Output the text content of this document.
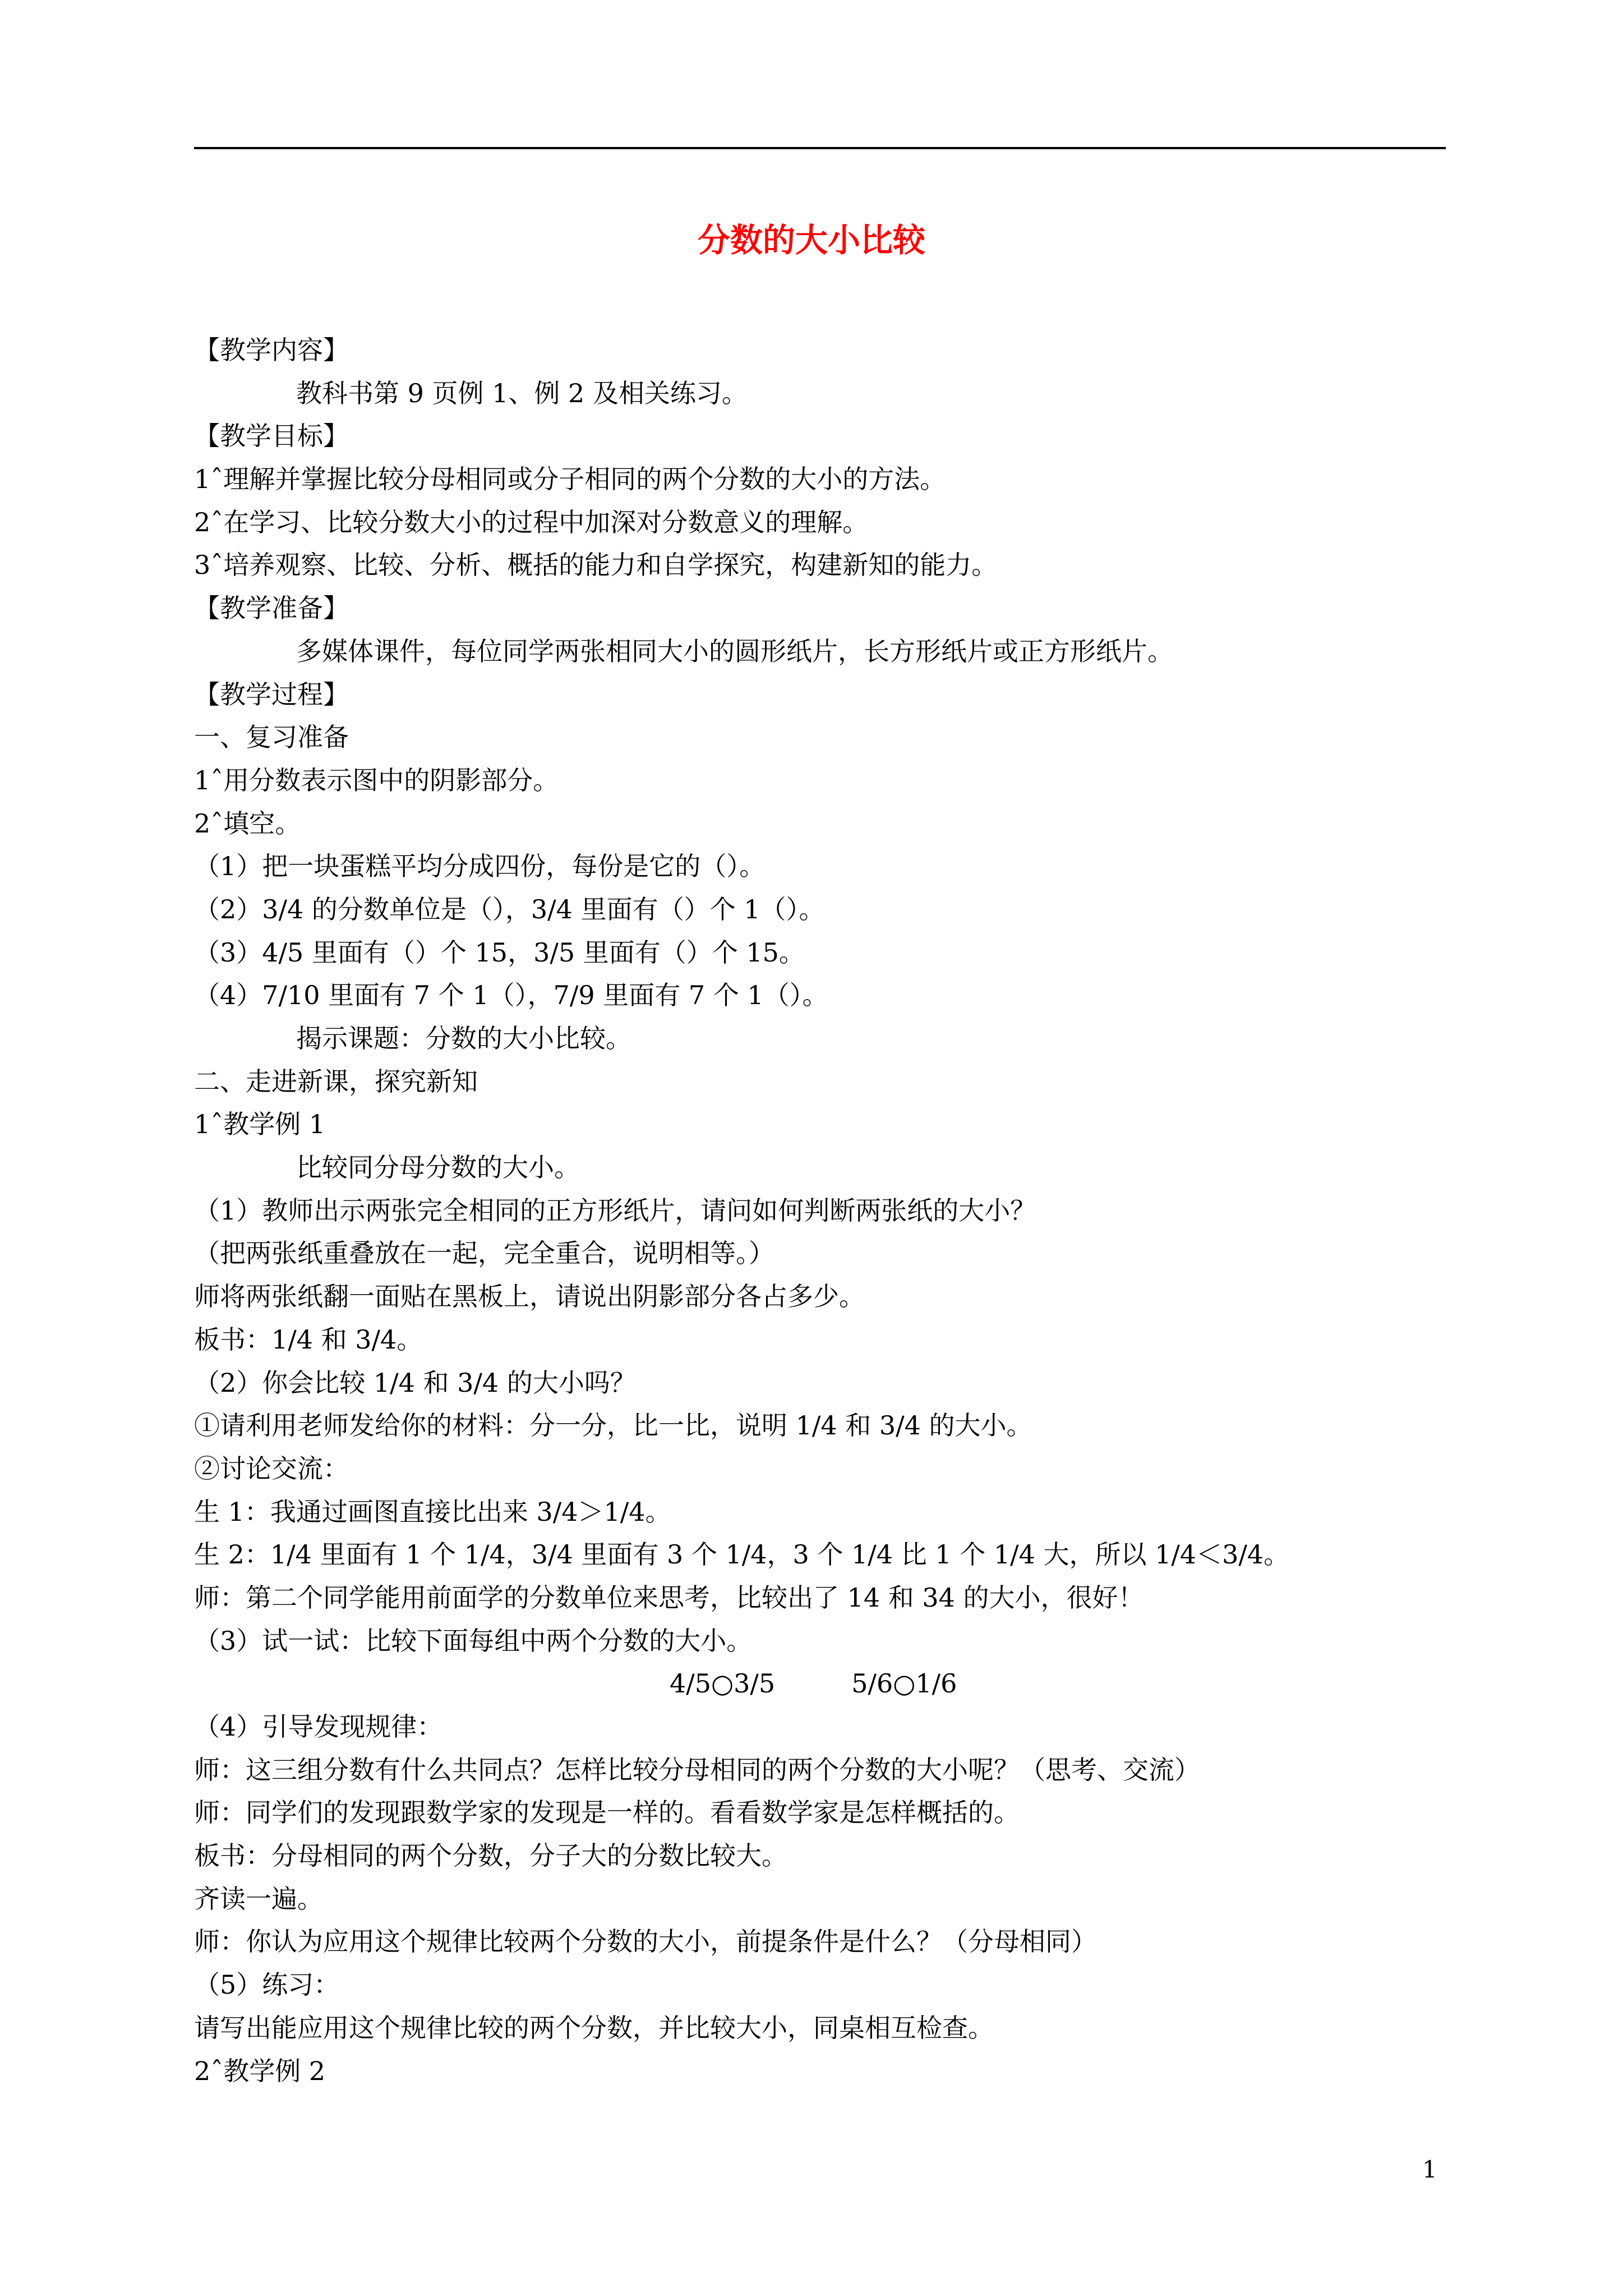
分数的大小比较
【教学内容】
教科书第 9 页例 1、例 2 及相关练习。
【教学目标】
1ˆ理解并掌握比较分母相同或分子相同的两个分数的大小的方法。
2ˆ在学习、比较分数大小的过程中加深对分数意义的理解。
3ˆ培养观察、比较、分析、概括的能力和自学探究，构建新知的能力。
【教学准备】
多媒体课件，每位同学两张相同大小的圆形纸片，长方形纸片或正方形纸片。
【教学过程】
一、复习准备
1ˆ用分数表示图中的阴影部分。
2ˆ填空。
（1）把一块蛋糕平均分成四份，每份是它的（）。
（2）3/4 的分数单位是（），3/4 里面有（）个 1（）。
（3）4/5 里面有（）个 15，3/5 里面有（）个 15。
（4）7/10 里面有 7 个 1（），7/9 里面有 7 个 1（）。
揭示课题：分数的大小比较。
二、走进新课，探究新知
1ˆ教学例 1
比较同分母分数的大小。
（1）教师出示两张完全相同的正方形纸片，请问如何判断两张纸的大小？
（把两张纸重叠放在一起，完全重合，说明相等。）
师将两张纸翻一面贴在黑板上，请说出阴影部分各占多少。
板书：1/4 和 3/4。
（2）你会比较 1/4 和 3/4 的大小吗？
①请利用老师发给你的材料：分一分，比一比，说明 1/4 和 3/4 的大小。
②讨论交流：
生 1：我通过画图直接比出来 3/4＞1/4。
生 2：1/4 里面有 1 个 1/4，3/4 里面有 3 个 1/4，3 个 1/4 比 1 个 1/4 大，所以 1/4＜3/4。
师：第二个同学能用前面学的分数单位来思考，比较出了 14 和 34 的大小，很好！
（3）试一试：比较下面每组中两个分数的大小。
4/5○3/5	5/6○1/6
（4）引导发现规律：
师：这三组分数有什么共同点？怎样比较分母相同的两个分数的大小呢？（思考、交流）
师：同学们的发现跟数学家的发现是一样的。看看数学家是怎样概括的。
板书：分母相同的两个分数，分子大的分数比较大。
齐读一遍。
师：你认为应用这个规律比较两个分数的大小，前提条件是什么？（分母相同）
（5）练习：
请写出能应用这个规律比较的两个分数，并比较大小，同桌相互检查。
2ˆ教学例 2
1
